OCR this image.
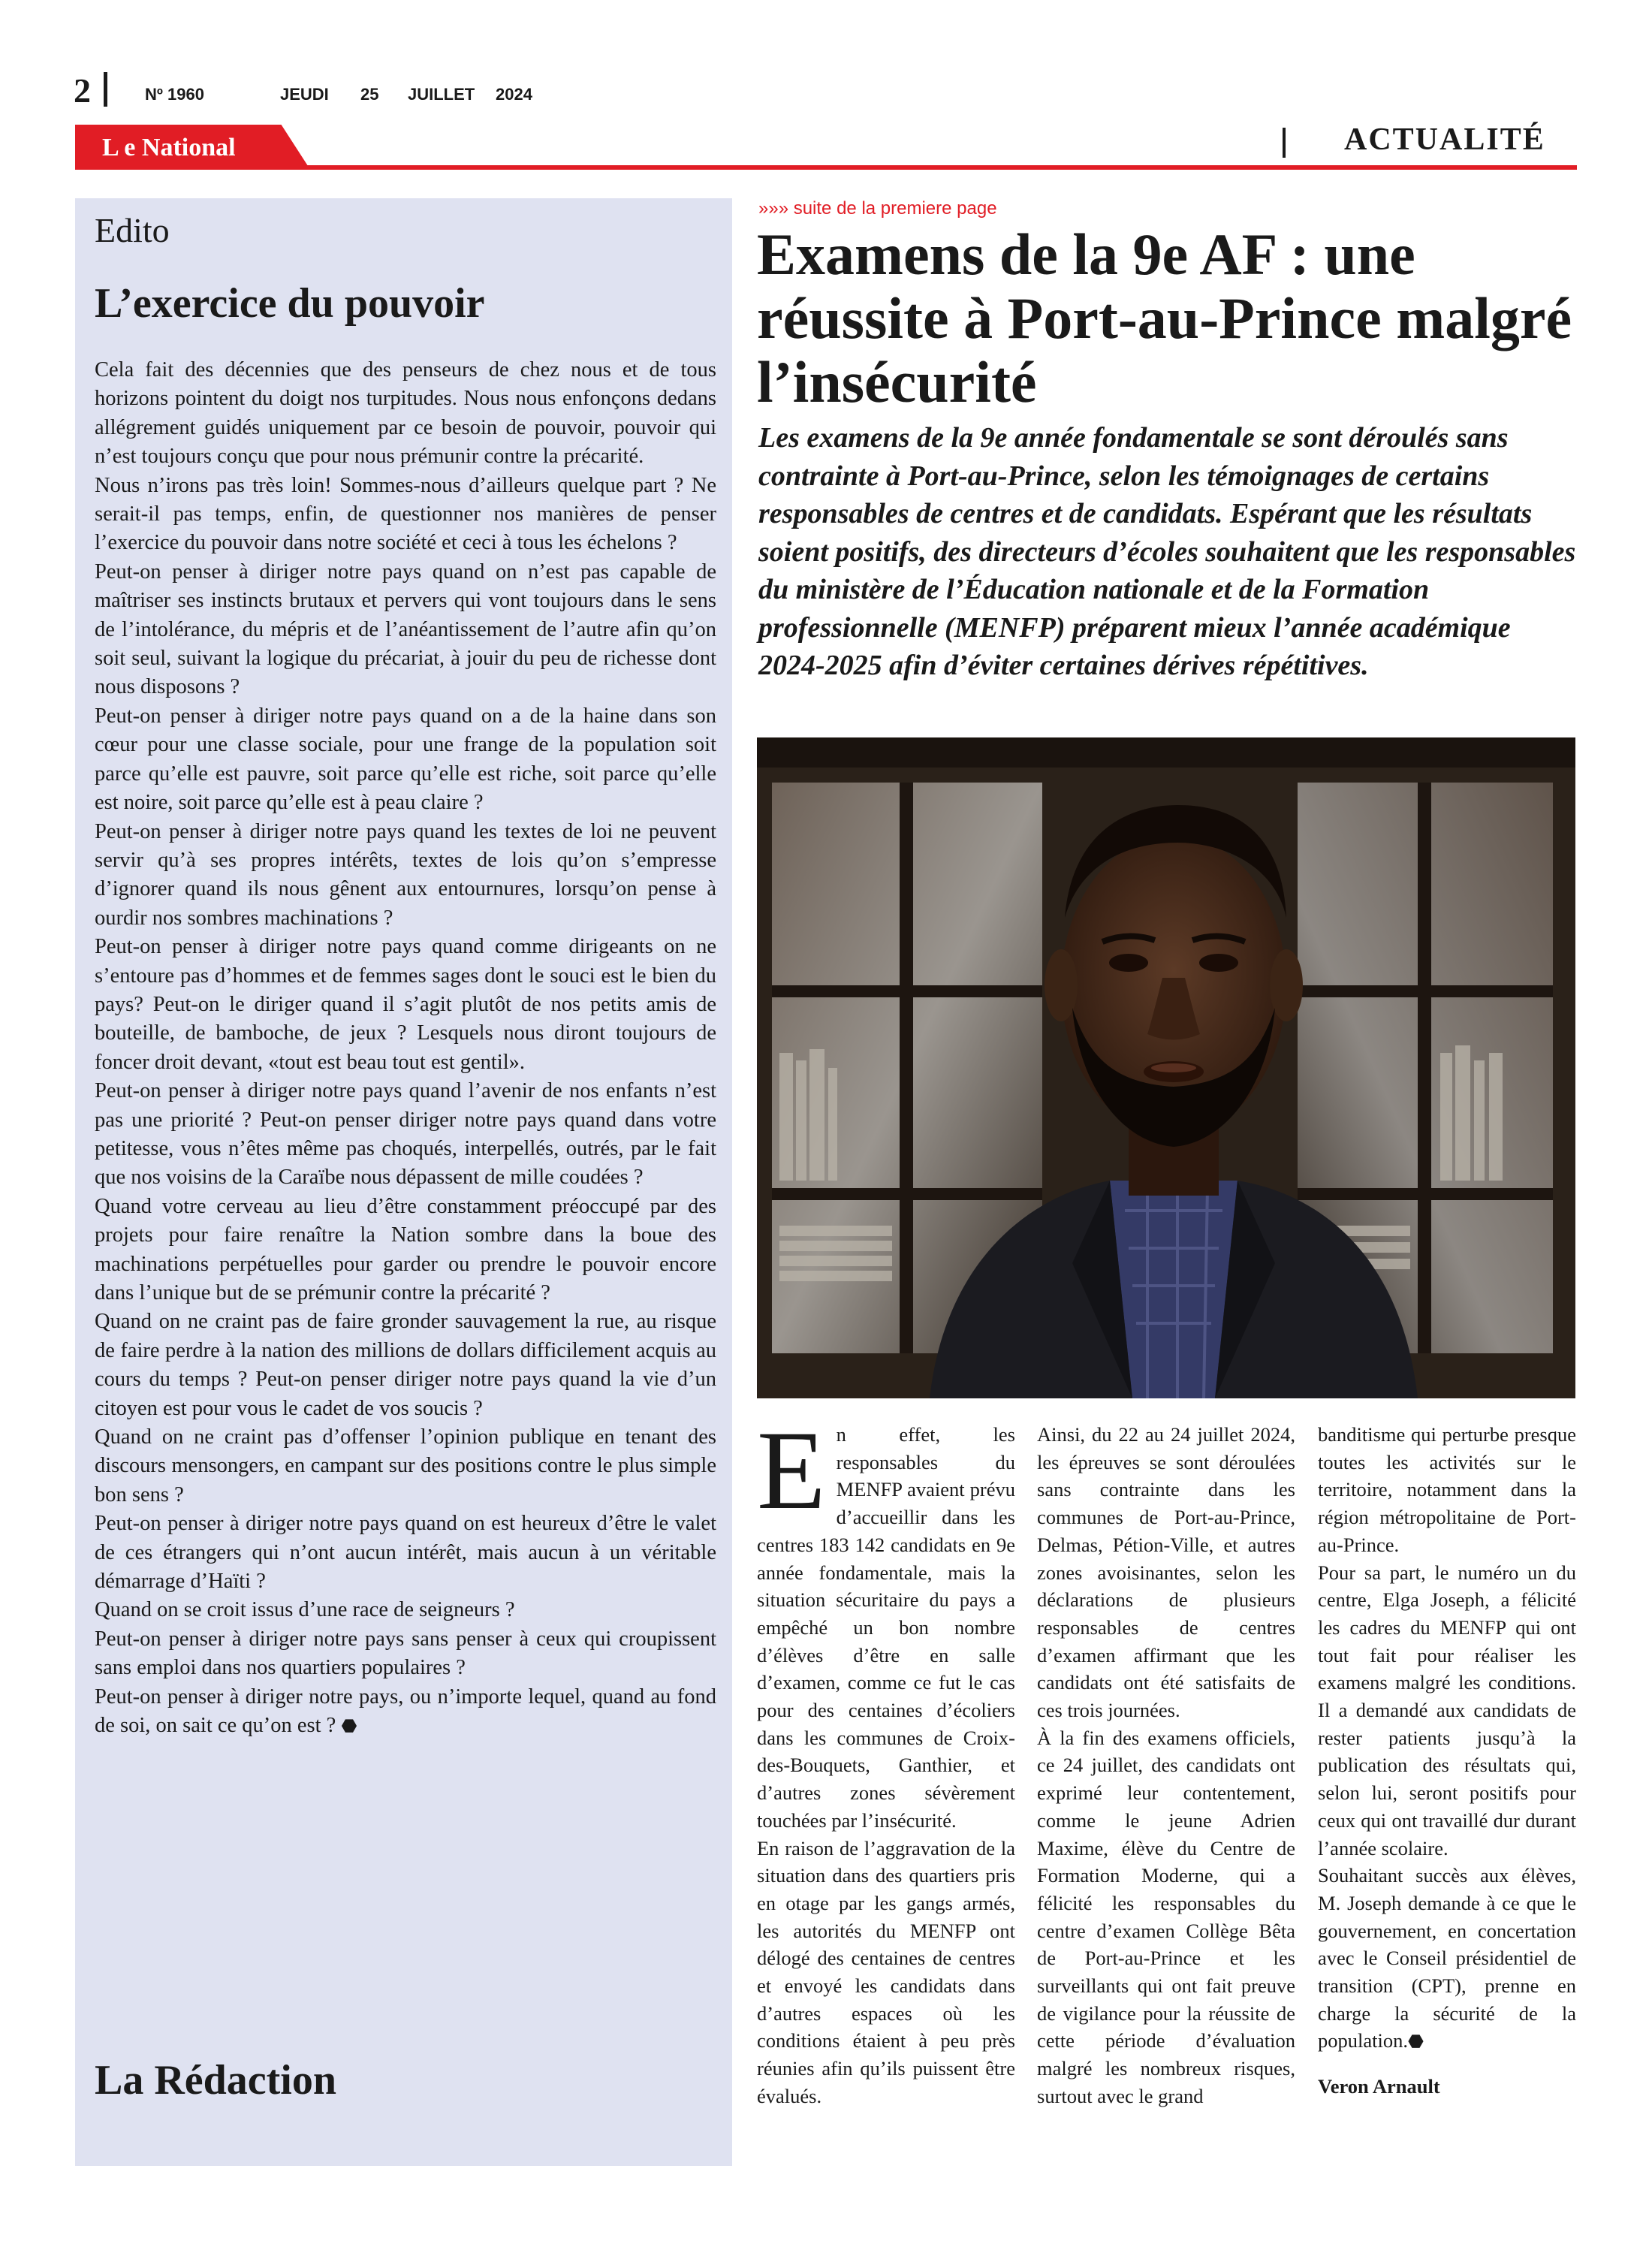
2	Nº 1960	JEUDI 25 JUILLET 2024
L e National	ACTUALITÉ
Edito
L’exercice du pouvoir

Cela fait des décennies que des penseurs de chez nous et de tous horizons pointent du doigt nos turpitudes. Nous nous enfonçons dedans allégrement guidés uniquement par ce besoin de pouvoir, pouvoir qui n’est toujours conçu que pour nous prémunir contre la précarité.

Nous n’irons pas très loin! Sommes-nous d’ailleurs quelque part ? Ne serait-il pas temps, enfin, de questionner nos manières de penser l’exercice du pouvoir dans notre société et ceci à tous les échelons ?

Peut-on penser à diriger notre pays quand on n’est pas capable de maîtriser ses instincts brutaux et pervers qui vont toujours dans le sens de l’intolérance, du mépris et de l’anéantissement de l’autre afin qu’on soit seul, suivant la logique du précariat, à jouir du peu de richesse dont nous disposons ?

Peut-on penser à diriger notre pays quand on a de la haine dans son cœur pour une classe sociale, pour une frange de la population soit parce qu’elle est pauvre, soit parce qu’elle est riche, soit parce qu’elle est noire, soit parce qu’elle est à peau claire ?

Peut-on penser à diriger notre pays quand les textes de loi ne peuvent servir qu’à ses propres intérêts, textes de lois qu’on s’empresse d’ignorer quand ils nous gênent aux entournures, lorsqu’on pense à ourdir nos sombres machinations ?

Peut-on penser à diriger notre pays quand comme dirigeants on ne s’entoure pas d’hommes et de femmes sages dont le souci est le bien du pays? Peut-on le diriger quand il s’agit plutôt de nos petits amis de bouteille, de bamboche, de jeux ? Lesquels nous diront toujours de foncer droit devant, «tout est beau tout est gentil».

Peut-on penser à diriger notre pays quand l’avenir de nos enfants n’est pas une priorité ? Peut-on penser diriger notre pays quand dans votre petitesse, vous n’êtes même pas choqués, interpellés, outrés, par le fait que nos voisins de la Caraïbe nous dépassent de mille coudées ?

Quand votre cerveau au lieu d’être constamment préoccupé par des projets pour faire renaître la Nation sombre dans la boue des machinations perpétuelles pour garder ou prendre le pouvoir encore dans l’unique but de se prémunir contre la précarité ?

Quand on ne craint pas de faire gronder sauvagement la rue, au risque de faire perdre à la nation des millions de dollars difficilement acquis au cours du temps ? Peut-on penser diriger notre pays quand la vie d’un citoyen est pour vous le cadet de vos soucis ?

Quand on ne craint pas d’offenser l’opinion publique en tenant des discours mensongers, en campant sur des positions contre le plus simple bon sens ?

Peut-on penser à diriger notre pays quand on est heureux d’être le valet de ces étrangers qui n’ont aucun intérêt, mais aucun à un véritable démarrage d’Haïti ?

Quand on se croit issus d’une race de seigneurs ?

Peut-on penser à diriger notre pays sans penser à ceux qui croupissent sans emploi dans nos quartiers populaires ?

Peut-on penser à diriger notre pays, ou n’importe lequel, quand au fond de soi, on sait ce qu’on est ? ⬣

La Rédaction
»»» suite de la premiere page
Examens de la 9e AF : une réussite à Port-au-Prince malgré l’insécurité

Les examens de la 9e année fondamentale se sont déroulés sans contrainte à Port-au-Prince, selon les témoignages de certains responsables de centres et de candidats. Espérant que les résultats soient positifs, des directeurs d’écoles souhaitent que les responsables du ministère de l’Éducation nationale et de la Formation professionnelle (MENFP) préparent mieux l’année académique 2024-2025 afin d’éviter certaines dérives répétitives.

En effet, les responsables du MENFP avaient prévu d’accueillir dans les centres 183 142 candidats en 9e année fondamentale, mais la situation sécuritaire du pays a empêché un bon nombre d’élèves d’être en salle d’examen, comme ce fut le cas pour des centaines d’écoliers dans les communes de Croix-des-Bouquets, Ganthier, et d’autres zones sévèrement touchées par l’insécurité.

En raison de l’aggravation de la situation dans des quartiers pris en otage par les gangs armés, les autorités du MENFP ont délogé des centaines de centres et envoyé les candidats dans d’autres espaces où les conditions étaient à peu près réunies afin qu’ils puissent être évalués.

Ainsi, du 22 au 24 juillet 2024, les épreuves se sont déroulées sans contrainte dans les communes de Port-au-Prince, Delmas, Pétion-Ville, et autres zones avoisinantes, selon les déclarations de plusieurs responsables de centres d’examen affirmant que les candidats ont été satisfaits de ces trois journées.

À la fin des examens officiels, ce 24 juillet, des candidats ont exprimé leur contentement, comme le jeune Adrien Maxime, élève du Centre de Formation Moderne, qui a félicité les responsables du centre d’examen Collège Bêta de Port-au-Prince et les surveillants qui ont fait preuve de vigilance pour la réussite de cette période d’évaluation malgré les nombreux risques, surtout avec le grand

banditisme qui perturbe presque toutes les activités sur le territoire, notamment dans la région métropolitaine de Port-au-Prince.

Pour sa part, le numéro un du centre, Elga Joseph, a félicité les cadres du MENFP qui ont tout fait pour réaliser les examens malgré les conditions. Il a demandé aux candidats de rester patients jusqu’à la publication des résultats qui, selon lui, seront positifs pour ceux qui ont travaillé dur durant l’année scolaire.

Souhaitant succès aux élèves, M. Joseph demande à ce que le gouvernement, en concertation avec le Conseil présidentiel de transition (CPT), prenne en charge la sécurité de la population.⬣

Veron Arnault
